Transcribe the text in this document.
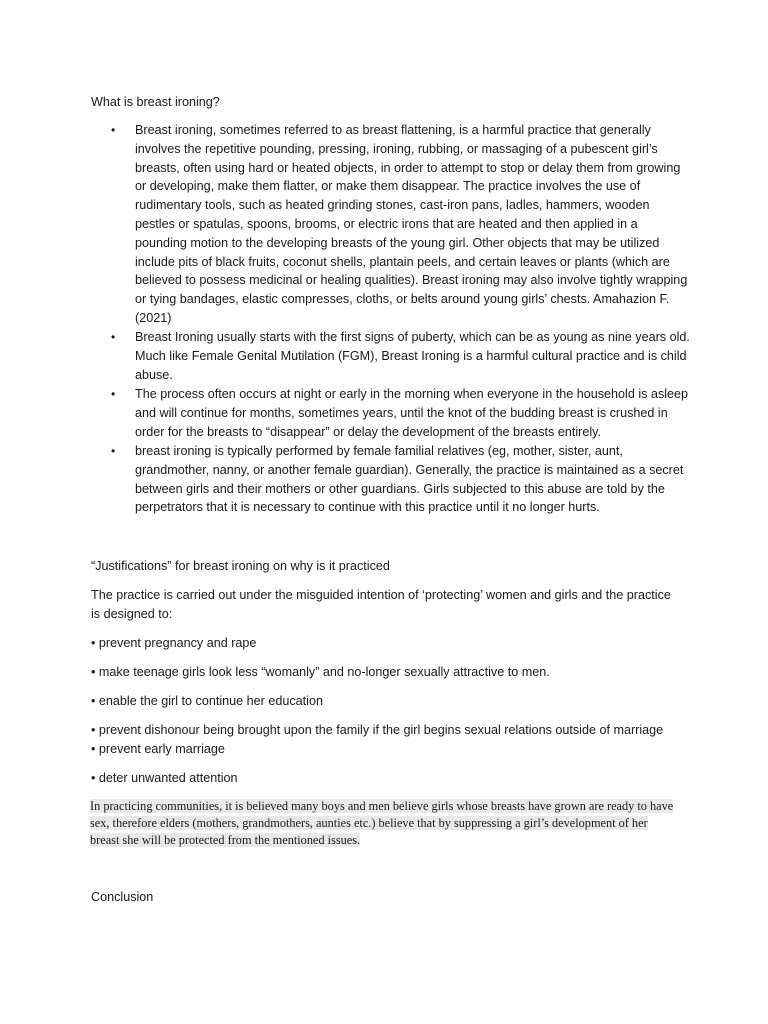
What is breast ironing?
• Breast ironing, sometimes referred to as breast flattening, is a harmful practice that generally involves the repetitive pounding, pressing, ironing, rubbing, or massaging of a pubescent girl’s breasts, often using hard or heated objects, in order to attempt to stop or delay them from growing or developing, make them flatter, or make them disappear. The practice involves the use of rudimentary tools, such as heated grinding stones, cast-iron pans, ladles, hammers, wooden pestles or spatulas, spoons, brooms, or electric irons that are heated and then applied in a pounding motion to the developing breasts of the young girl. Other objects that may be utilized include pits of black fruits, coconut shells, plantain peels, and certain leaves or plants (which are believed to possess medicinal or healing qualities). Breast ironing may also involve tightly wrapping or tying bandages, elastic compresses, cloths, or belts around young girls’ chests. Amahazion F. (2021)
• Breast Ironing usually starts with the first signs of puberty, which can be as young as nine years old. Much like Female Genital Mutilation (FGM), Breast Ironing is a harmful cultural practice and is child abuse.
• The process often occurs at night or early in the morning when everyone in the household is asleep and will continue for months, sometimes years, until the knot of the budding breast is crushed in order for the breasts to “disappear” or delay the development of the breasts entirely.
• breast ironing is typically performed by female familial relatives (eg, mother, sister, aunt, grandmother, nanny, or another female guardian). Generally, the practice is maintained as a secret between girls and their mothers or other guardians. Girls subjected to this abuse are told by the perpetrators that it is necessary to continue with this practice until it no longer hurts.
“Justifications” for breast ironing on why is it practiced

The practice is carried out under the misguided intention of ‘protecting’ women and girls and the practice is designed to:

• prevent pregnancy and rape

• make teenage girls look less “womanly” and no-longer sexually attractive to men.

• enable the girl to continue her education

• prevent dishonour being brought upon the family if the girl begins sexual relations outside of marriage

• prevent early marriage

• deter unwanted attention

In practicing communities, it is believed many boys and men believe girls whose breasts have grown are ready to have sex, therefore elders (mothers, grandmothers, aunties etc.) believe that by suppressing a girl’s development of her breast she will be protected from the mentioned issues.

Conclusion
